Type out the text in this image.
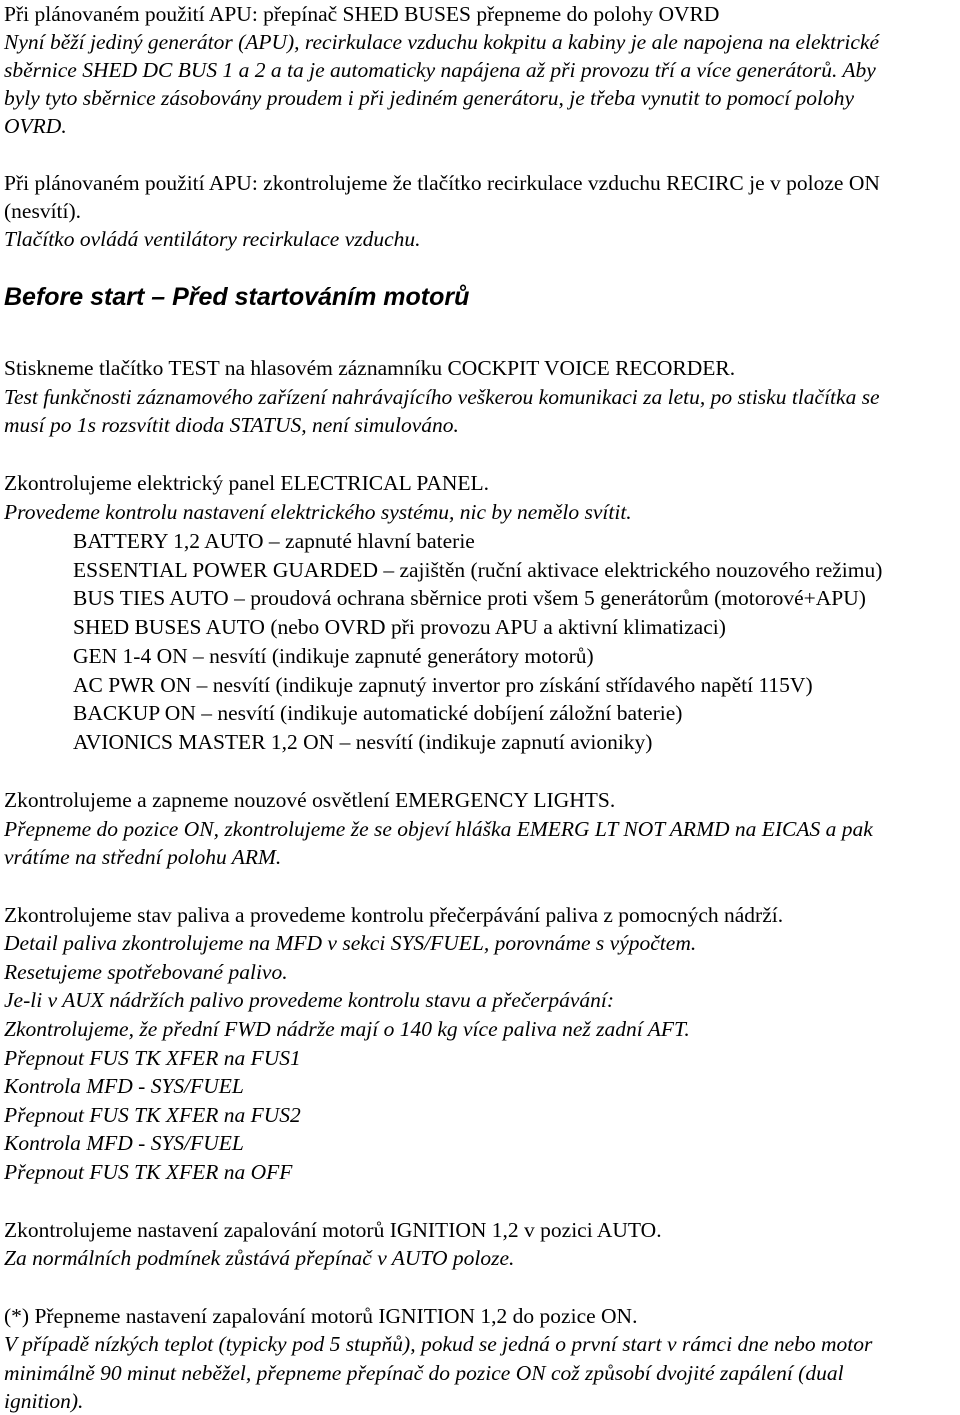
Při plánovaném použití APU: přepínač SHED BUSES přepneme do polohy OVRD
Nyní běží jediný generátor (APU), recirkulace vzduchu kokpitu a kabiny je ale napojena na elektrické
sběrnice SHED DC BUS 1 a 2 a ta je automaticky napájena až při provozu tří a více generátorů. Aby
byly tyto sběrnice zásobovány proudem i při jediném generátoru, je třeba vynutit to pomocí polohy
OVRD.
Při plánovaném použití APU: zkontrolujeme že tlačítko recirkulace vzduchu RECIRC je v poloze ON
(nesvítí).
Tlačítko ovládá ventilátory recirkulace vzduchu.
Before start – Před startováním motorů
Stiskneme tlačítko TEST na hlasovém záznamníku COCKPIT VOICE RECORDER.
Test funkčnosti záznamového zařízení nahrávajícího veškerou komunikaci za letu, po stisku tlačítka se
musí po 1s rozsvítit dioda STATUS, není simulováno.
Zkontrolujeme elektrický panel ELECTRICAL PANEL.
Provedeme kontrolu nastavení elektrického systému, nic by nemělo svítit.
BATTERY 1,2 AUTO – zapnuté hlavní baterie
ESSENTIAL POWER GUARDED – zajištěn (ruční aktivace elektrického nouzového režimu)
BUS TIES AUTO – proudová ochrana sběrnice proti všem 5 generátorům (motorové+APU)
SHED BUSES AUTO (nebo OVRD při provozu APU a aktivní klimatizaci)
GEN 1-4 ON – nesvítí (indikuje zapnuté generátory motorů)
AC PWR ON – nesvítí (indikuje zapnutý invertor pro získání střídavého napětí 115V)
BACKUP ON – nesvítí (indikuje automatické dobíjení záložní baterie)
AVIONICS MASTER 1,2 ON – nesvítí (indikuje zapnutí avioniky)
Zkontrolujeme a zapneme nouzové osvětlení EMERGENCY LIGHTS.
Přepneme do pozice ON, zkontrolujeme že se objeví hláška EMERG LT NOT ARMD na EICAS a pak
vrátíme na střední polohu ARM.
Zkontrolujeme stav paliva a provedeme kontrolu přečerpávání paliva z pomocných nádrží.
Detail paliva zkontrolujeme na MFD v sekci SYS/FUEL, porovnáme s výpočtem.
Resetujeme spotřebované palivo.
Je-li v AUX nádržích palivo provedeme kontrolu stavu a přečerpávání:
Zkontrolujeme, že přední FWD nádrže mají o 140 kg více paliva než zadní AFT.
Přepnout FUS TK XFER na FUS1
Kontrola MFD - SYS/FUEL
Přepnout FUS TK XFER na FUS2
Kontrola MFD - SYS/FUEL
Přepnout FUS TK XFER na OFF
Zkontrolujeme nastavení zapalování motorů IGNITION 1,2 v pozici AUTO.
Za normálních podmínek zůstává přepínač v AUTO poloze.
(*) Přepneme nastavení zapalování motorů IGNITION 1,2 do pozice ON.
V případě nízkých teplot (typicky pod 5 stupňů), pokud se jedná o první start v rámci dne nebo motor
minimálně 90 minut neběžel, přepneme přepínač do pozice ON což způsobí dvojité zapálení (dual
ignition).
